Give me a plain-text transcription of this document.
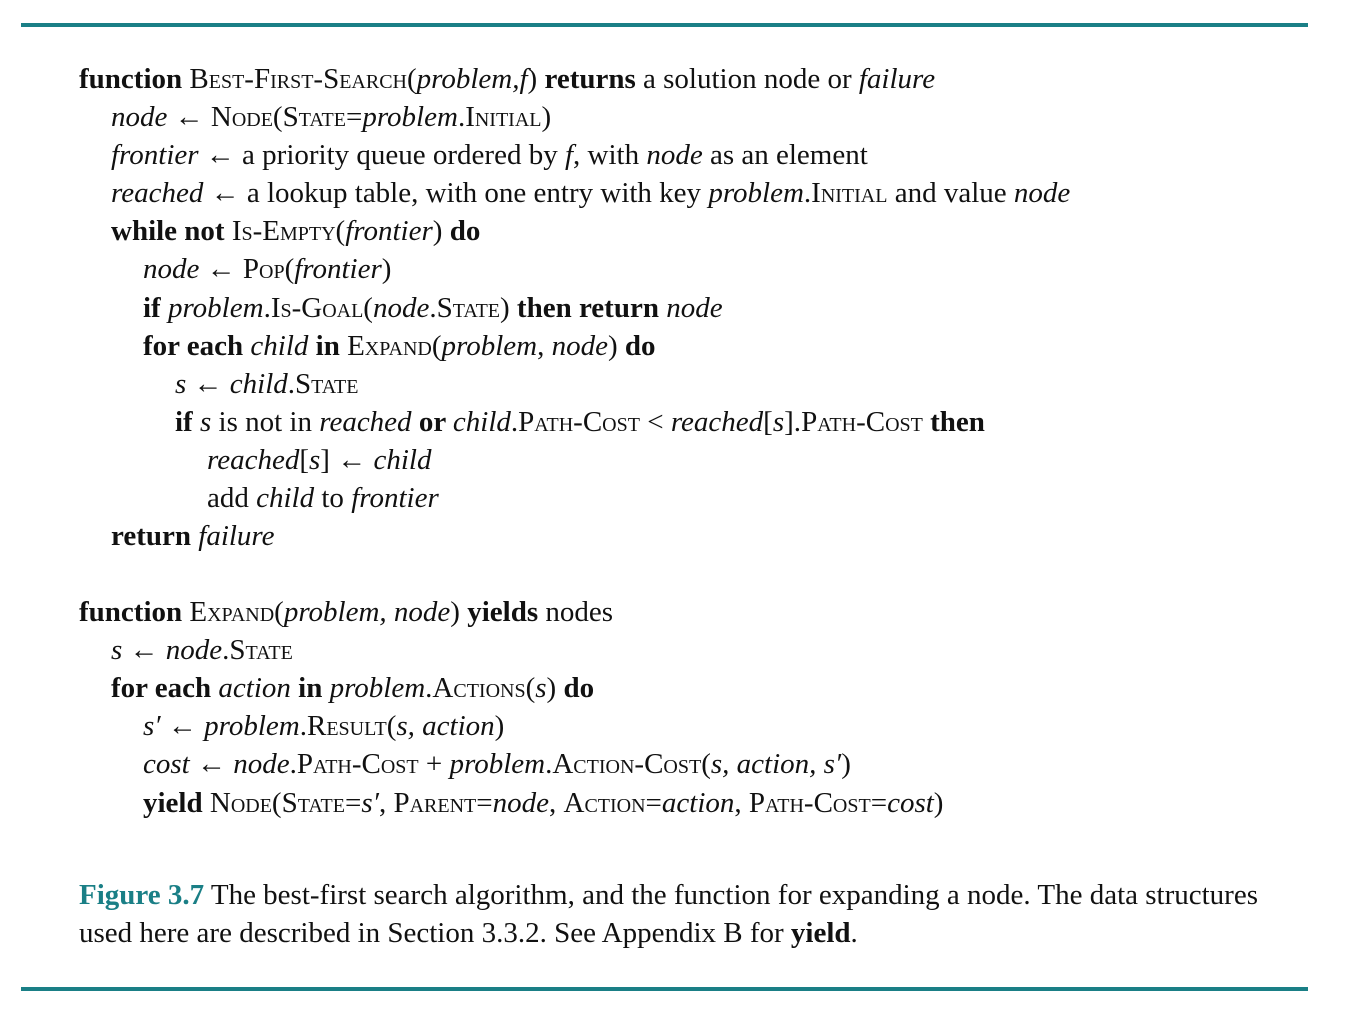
function Best-First-Search(problem,f) returns a solution node or failure
node ← Node(State=problem.Initial)
frontier ← a priority queue ordered by f, with node as an element
reached ← a lookup table, with one entry with key problem.Initial and value node
while not Is-Empty(frontier) do
node ← Pop(frontier)
if problem.Is-Goal(node.State) then return node
for each child in Expand(problem, node) do
s ← child.State
if s is not in reached or child.Path-Cost < reached[s].Path-Cost then
reached[s] ← child
add child to frontier
return failure
function Expand(problem, node) yields nodes
s ← node.State
for each action in problem.Actions(s) do
s′ ← problem.Result(s, action)
cost ← node.Path-Cost + problem.Action-Cost(s, action, s′)
yield Node(State=s′, Parent=node, Action=action, Path-Cost=cost)
Figure 3.7 The best-first search algorithm, and the function for expanding a node. The data structures used here are described in Section 3.3.2. See Appendix B for yield.
